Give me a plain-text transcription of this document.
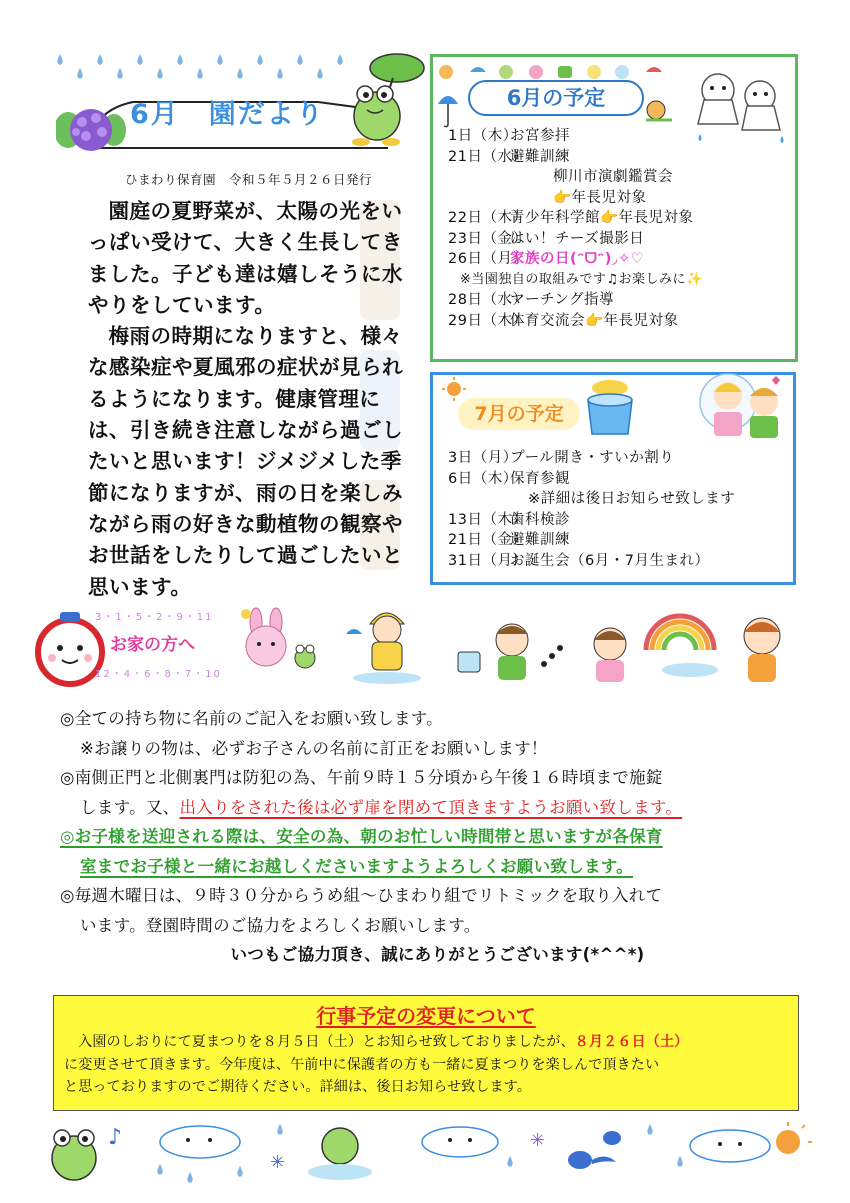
6月　園だより
ひまわり保育園　令和５年５月２６日発行

園庭の夏野菜が、太陽の光をいっぱい受けて、大きく生長してきました。子ども達は嬉しそうに水やりをしています。

梅雨の時期になりますと、様々な感染症や夏風邪の症状が見られるようになります。健康管理には、引き続き注意しながら過ごしたいと思います！ジメジメした季節になりますが、雨の日を楽しみながら雨の好きな動植物の観察やお世話をしたりして過ごしたいと思います。

6月の予定
1日（木）お宮参拝
21日（水）避難訓練
柳川市演劇鑑賞会
👉年長児対象
22日（木）青少年科学館👉年長児対象
23日（金）はい！チーズ撮影日
26日（月）家族の日(ᵔᗜᵔ)◞✧♡
※当園独自の取組みです♫お楽しみに✨
28日（水）マーチング指導
29日（木）体育交流会👉年長児対象
7月の予定
3日（月）プール開き・すいか割り
6日（木）保育参観
※詳細は後日お知らせ致します
13日（木）歯科検診
21日（金）避難訓練
31日（月）お誕生会（6月・7月生まれ）
3・1・5・2・9・11
12・4・6・8・7・10
お家の方へ
◎全ての持ち物に名前のご記入をお願い致します。
※お譲りの物は、必ずお子さんの名前に訂正をお願いします！
◎南側正門と北側裏門は防犯の為、午前９時１５分頃から午後１６時頃まで施錠
します。又、出入りをされた後は必ず扉を閉めて頂きますようお願い致します。
◎お子様を送迎される際は、安全の為、朝のお忙しい時間帯と思いますが各保育
室までお子様と一緒にお越しくださいますようよろしくお願い致します。
◎毎週木曜日は、９時３０分からうめ組～ひまわり組でリトミックを取り入れて
います。登園時間のご協力をよろしくお願いします。
いつもご協力頂き、誠にありがとうございます(*^^*)
行事予定の変更について
　入園のしおりにて夏まつりを８月５日（土）とお知らせ致しておりましたが、８月２６日（土）
に変更させて頂きます。今年度は、午前中に保護者の方も一緒に夏まつりを楽しんで頂きたい
と思っておりますのでご期待ください。詳細は、後日お知らせ致します。
♪
✳
✳
